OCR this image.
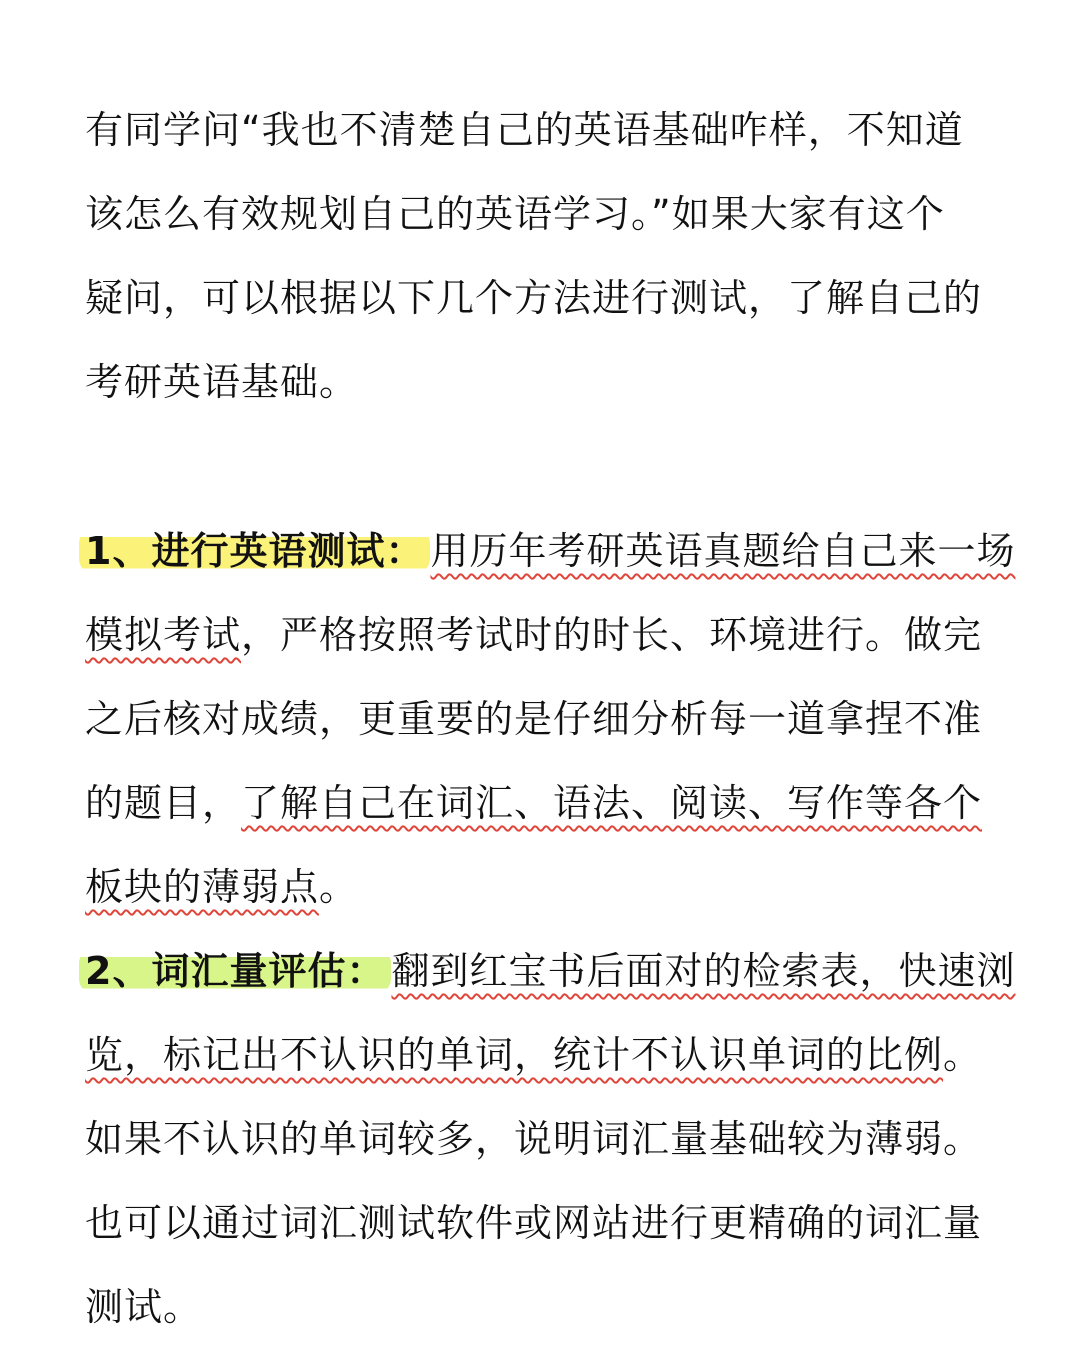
有同学问“我也不清楚自己的英语基础咋样，不知道
该怎么有效规划自己的英语学习。”如果大家有这个
疑问，可以根据以下几个方法进行测试，了解自己的
考研英语基础。
1、进行英语测试： 用历年考研英语真题给自己来一场
模拟考试，严格按照考试时的时长、环境进行。做完
之后核对成绩，更重要的是仔细分析每一道拿捏不准
的题目，了解自己在词汇、语法、阅读、写作等各个
板块的薄弱点。
2、词汇量评估： 翻到红宝书后面对的检索表，快速浏
览，标记出不认识的单词，统计不认识单词的比例。
如果不认识的单词较多，说明词汇量基础较为薄弱。
也可以通过词汇测试软件或网站进行更精确的词汇量
测试。
